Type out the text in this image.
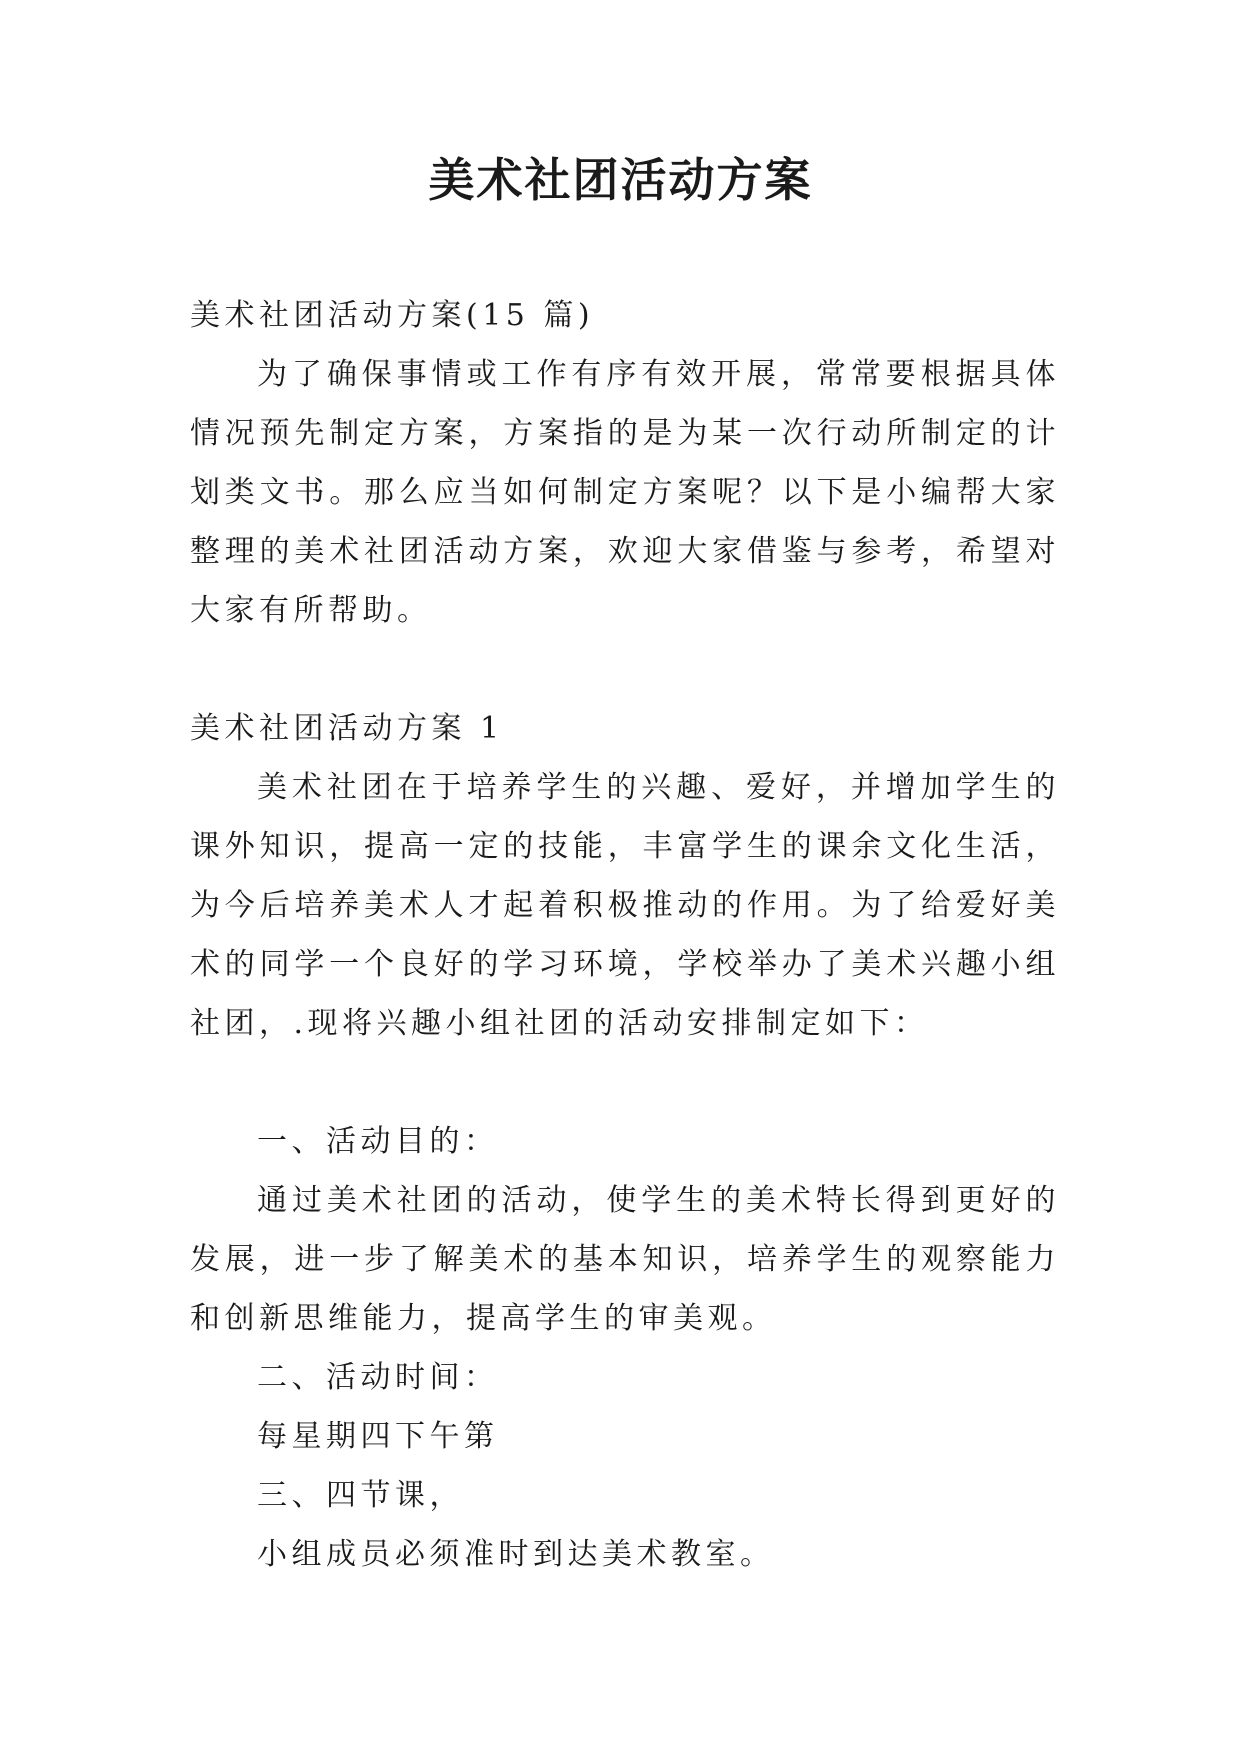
美术社团活动方案

美术社团活动方案(15 篇)

为了确保事情或工作有序有效开展，常常要根据具体情况预先制定方案，方案指的是为某一次行动所制定的计划类文书。那么应当如何制定方案呢？以下是小编帮大家整理的美术社团活动方案，欢迎大家借鉴与参考，希望对大家有所帮助。

美术社团活动方案 1

美术社团在于培养学生的兴趣、爱好，并增加学生的课外知识，提高一定的技能，丰富学生的课余文化生活，为今后培养美术人才起着积极推动的作用。为了给爱好美术的同学一个良好的学习环境，学校举办了美术兴趣小组社团，.现将兴趣小组社团的活动安排制定如下：

一、活动目的：

通过美术社团的活动，使学生的美术特长得到更好的发展，进一步了解美术的基本知识，培养学生的观察能力和创新思维能力，提高学生的审美观。

二、活动时间：

每星期四下午第

三、四节课，

小组成员必须准时到达美术教室。
